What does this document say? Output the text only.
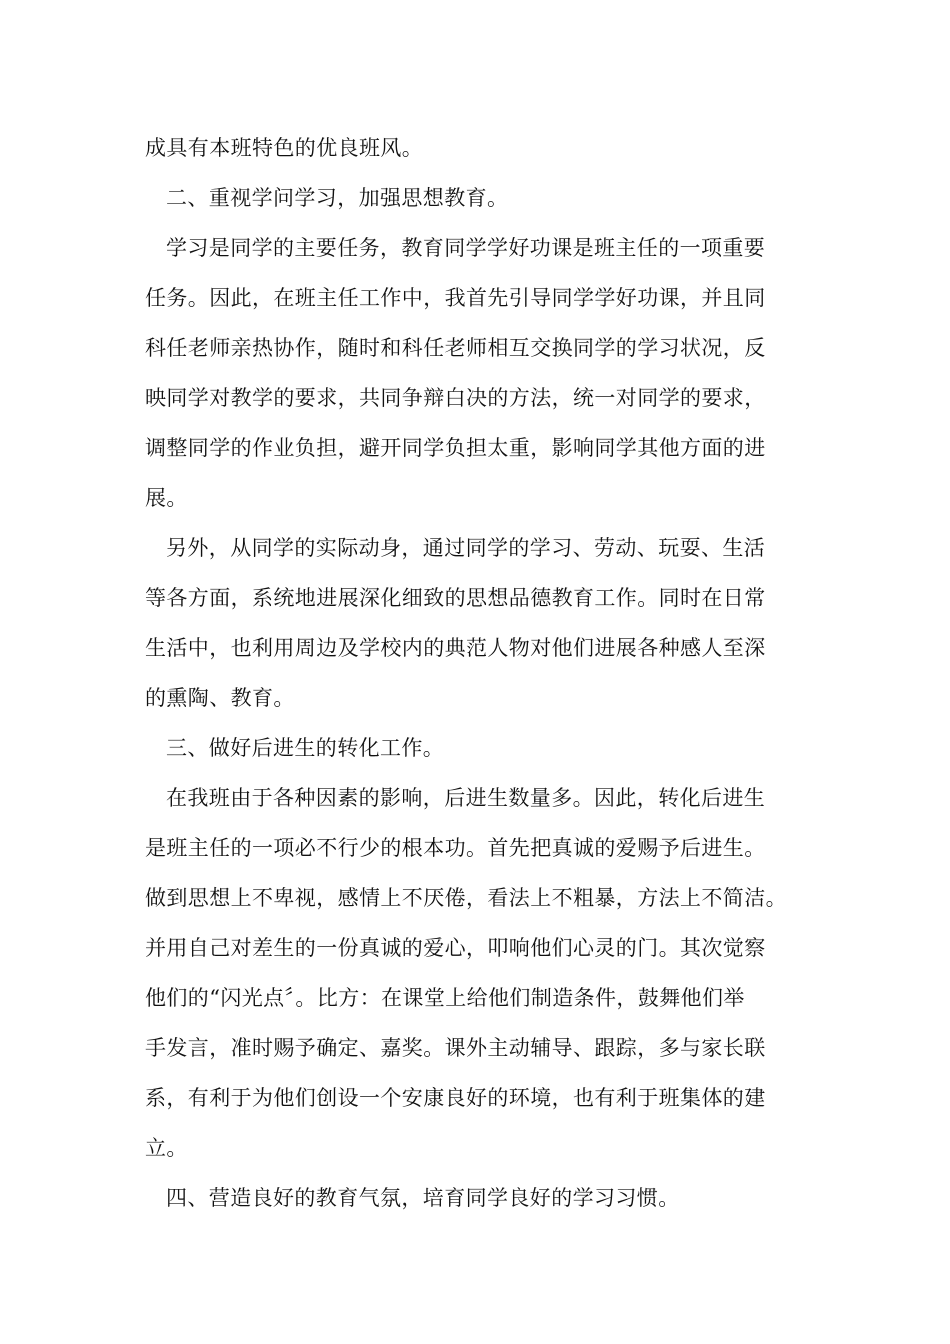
成具有本班特色的优良班风。
二、重视学问学习，加强思想教育。
学习是同学的主要任务，教育同学学好功课是班主任的一项重要
任务。因此，在班主任工作中，我首先引导同学学好功课，并且同
科任老师亲热协作，随时和科任老师相互交换同学的学习状况，反
映同学对教学的要求，共同争辩白决的方法，统一对同学的要求，
调整同学的作业负担，避开同学负担太重，影响同学其他方面的进
展。
另外，从同学的实际动身，通过同学的学习、劳动、玩耍、生活
等各方面，系统地进展深化细致的思想品德教育工作。同时在日常
生活中，也利用周边及学校内的典范人物对他们进展各种感人至深
的熏陶、教育。
三、做好后进生的转化工作。
在我班由于各种因素的影响，后进生数量多。因此，转化后进生
是班主任的一项必不行少的根本功。首先把真诚的爱赐予后进生。
做到思想上不卑视，感情上不厌倦，看法上不粗暴，方法上不简洁。
并用自己对差生的一份真诚的爱心，叩响他们心灵的门。其次觉察
他们的“闪光点〞。比方：在课堂上给他们制造条件，鼓舞他们举
手发言，准时赐予确定、嘉奖。课外主动辅导、跟踪，多与家长联
系，有利于为他们创设一个安康良好的环境，也有利于班集体的建
立。
四、营造良好的教育气氛，培育同学良好的学习习惯。
